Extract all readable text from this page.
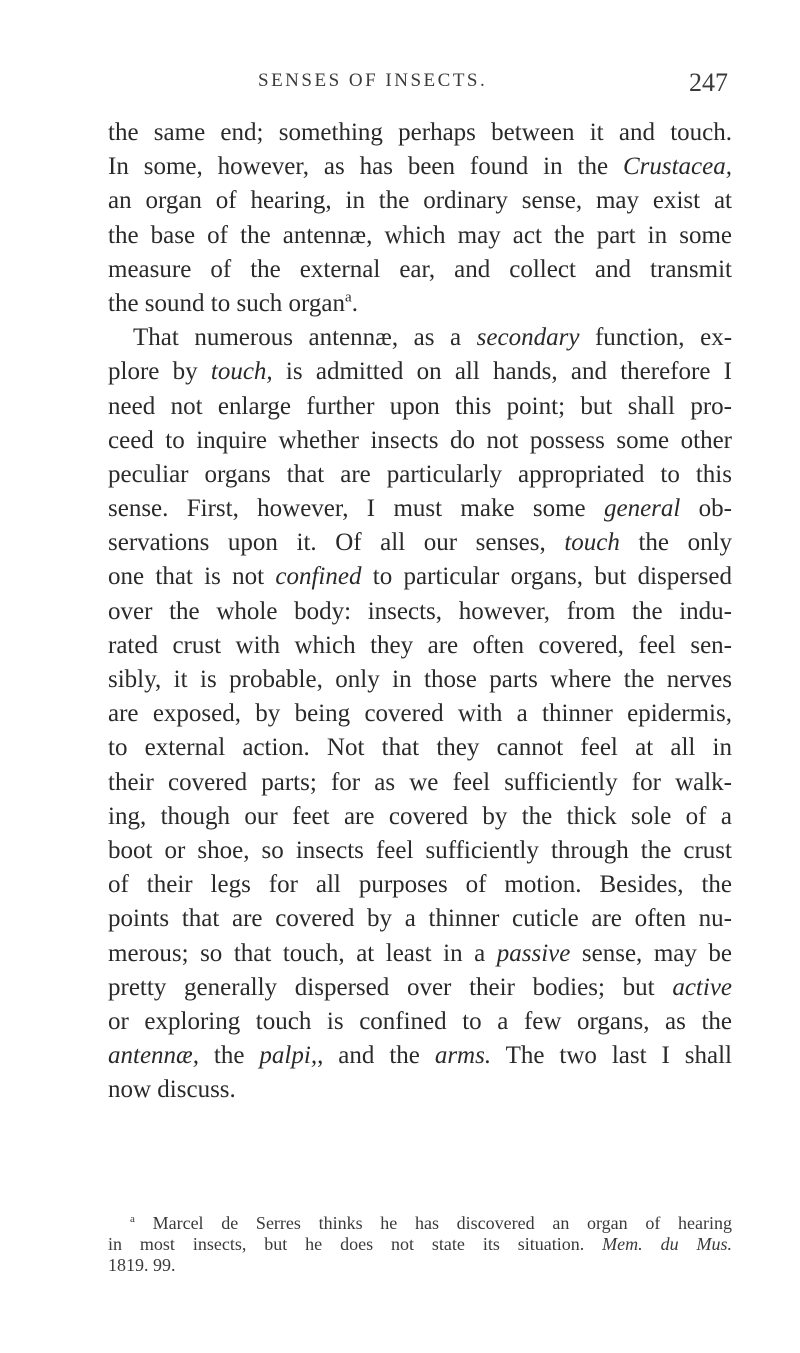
SENSES OF INSECTS.	247
the same end; something perhaps between it and touch.
In some, however, as has been found in the Crustacea,
an organ of hearing, in the ordinary sense, may exist at
the base of the antennæ, which may act the part in some
measure of the external ear, and collect and transmit
the sound to such organ$^a$.
That numerous antennæ, as a secondary function, ex-
plore by touch, is admitted on all hands, and therefore I
need not enlarge further upon this point; but shall pro-
ceed to inquire whether insects do not possess some other
peculiar organs that are particularly appropriated to this
sense. First, however, I must make some general ob-
servations upon it. Of all our senses, touch the only
one that is not confined to particular organs, but dispersed
over the whole body: insects, however, from the indu-
rated crust with which they are often covered, feel sen-
sibly, it is probable, only in those parts where the nerves
are exposed, by being covered with a thinner epidermis,
to external action. Not that they cannot feel at all in
their covered parts; for as we feel sufficiently for walk-
ing, though our feet are covered by the thick sole of a
boot or shoe, so insects feel sufficiently through the crust
of their legs for all purposes of motion. Besides, the
points that are covered by a thinner cuticle are often nu-
merous; so that touch, at least in a passive sense, may be
pretty generally dispersed over their bodies; but active
or exploring touch is confined to a few organs, as the
antennæ, the palpi,, and the arms. The two last I shall
now discuss.
$^a$ Marcel de Serres thinks he has discovered an organ of hearing
in most insects, but he does not state its situation. Mem. du Mus.
1819. 99.
